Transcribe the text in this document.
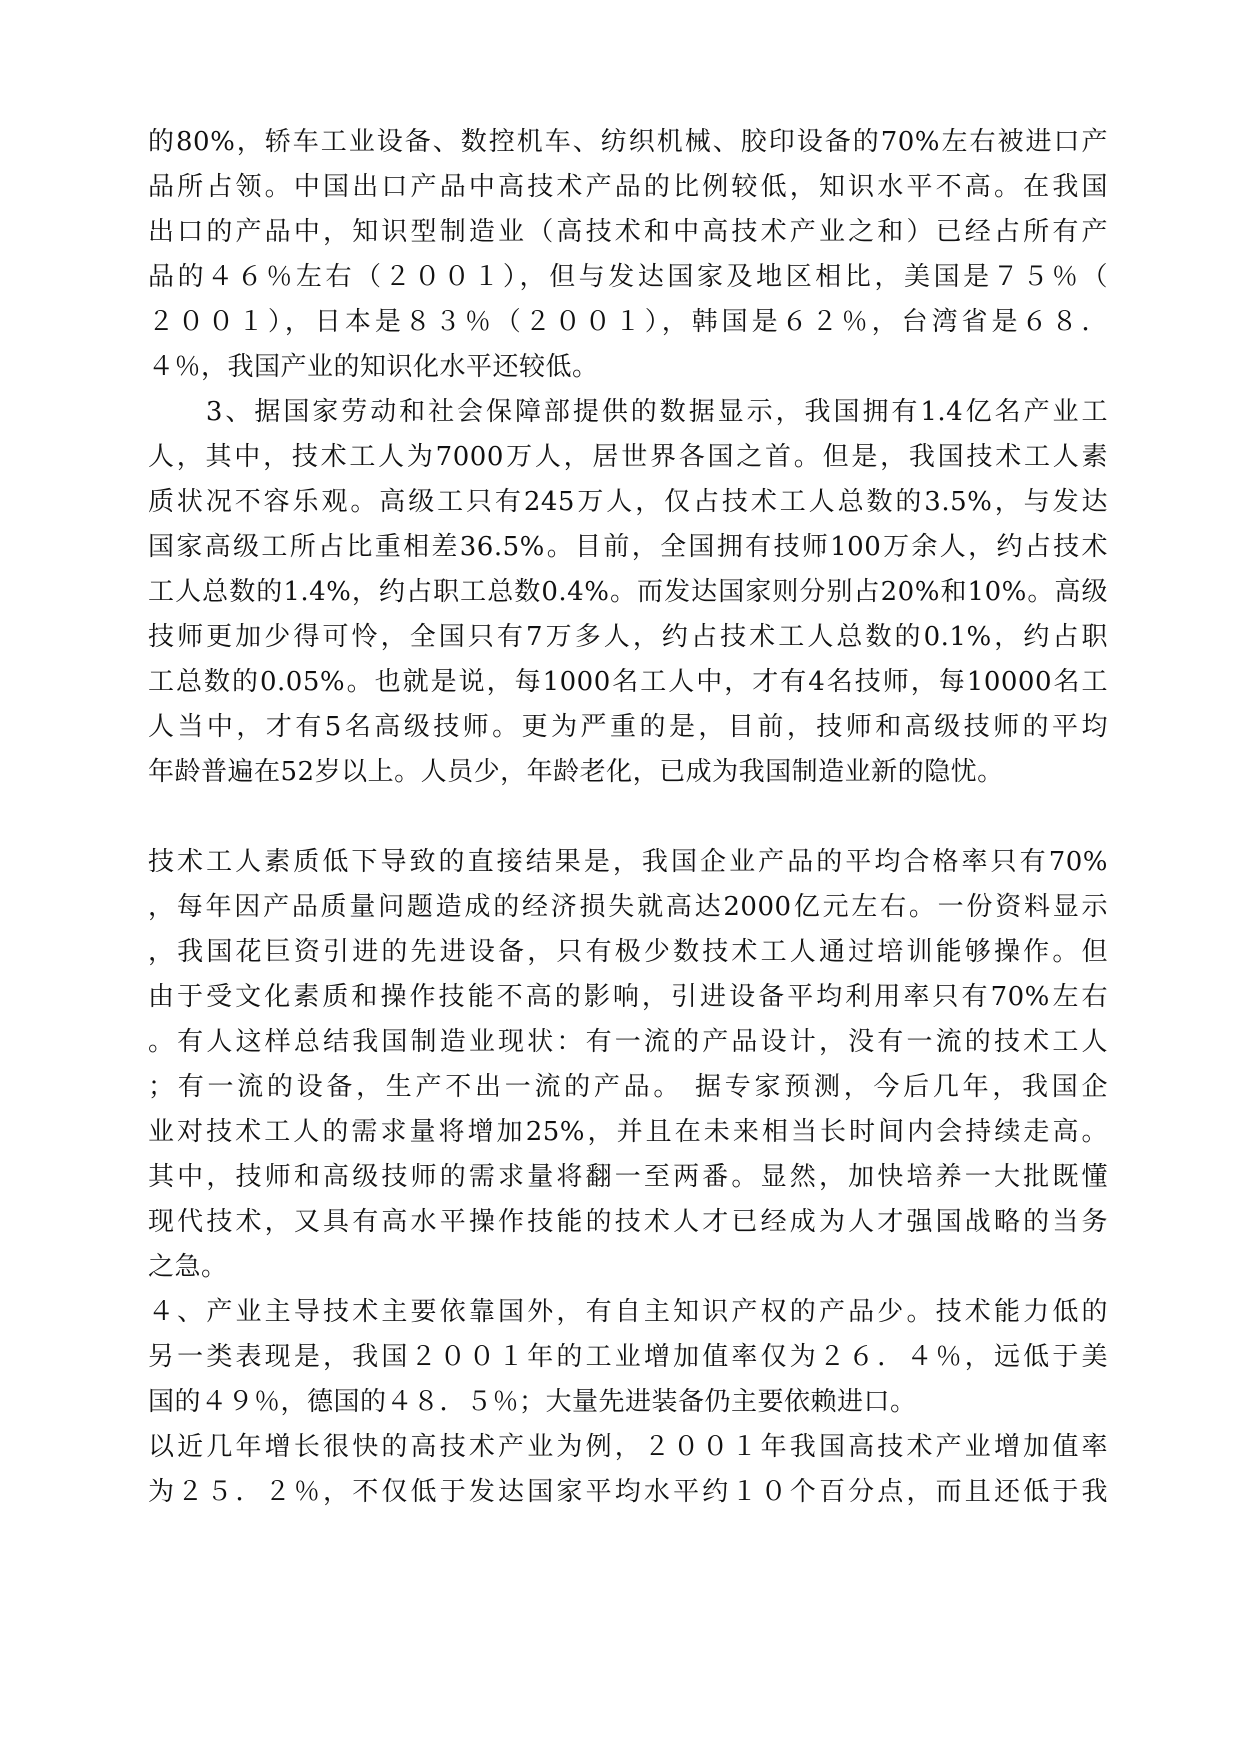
的80%，轿车工业设备、数控机车、纺织机械、胶印设备的70%左右被进口产
品所占领。中国出口产品中高技术产品的比例较低，知识水平不高。在我国
出口的产品中，知识型制造业（高技术和中高技术产业之和）已经占所有产
品的４６％左右（２００１），但与发达国家及地区相比，美国是７５％（
２００１），日本是８３％（２００１），韩国是６２％，台湾省是６８．
４％，我国产业的知识化水平还较低。
　　3、据国家劳动和社会保障部提供的数据显示，我国拥有1.4亿名产业工
人，其中，技术工人为7000万人，居世界各国之首。但是，我国技术工人素
质状况不容乐观。高级工只有245万人，仅占技术工人总数的3.5%，与发达
国家高级工所占比重相差36.5%。目前，全国拥有技师100万余人，约占技术
工人总数的1.4%，约占职工总数0.4%。而发达国家则分别占20%和10%。高级
技师更加少得可怜，全国只有7万多人，约占技术工人总数的0.1%，约占职
工总数的0.05%。也就是说，每1000名工人中，才有4名技师，每10000名工
人当中，才有5名高级技师。更为严重的是，目前，技师和高级技师的平均
年龄普遍在52岁以上。人员少，年龄老化，已成为我国制造业新的隐忧。
技术工人素质低下导致的直接结果是，我国企业产品的平均合格率只有70%
，每年因产品质量问题造成的经济损失就高达2000亿元左右。一份资料显示
，我国花巨资引进的先进设备，只有极少数技术工人通过培训能够操作。但
由于受文化素质和操作技能不高的影响，引进设备平均利用率只有70%左右
。有人这样总结我国制造业现状：有一流的产品设计，没有一流的技术工人
；有一流的设备，生产不出一流的产品。 据专家预测，今后几年，我国企
业对技术工人的需求量将增加25%，并且在未来相当长时间内会持续走高。
其中，技师和高级技师的需求量将翻一至两番。显然，加快培养一大批既懂
现代技术，又具有高水平操作技能的技术人才已经成为人才强国战略的当务
之急。
４、产业主导技术主要依靠国外，有自主知识产权的产品少。技术能力低的
另一类表现是，我国２００１年的工业增加值率仅为２６．４％，远低于美
国的４９％，德国的４８．５％；大量先进装备仍主要依赖进口。
以近几年增长很快的高技术产业为例，２００１年我国高技术产业增加值率
为２５．２％，不仅低于发达国家平均水平约１０个百分点，而且还低于我
